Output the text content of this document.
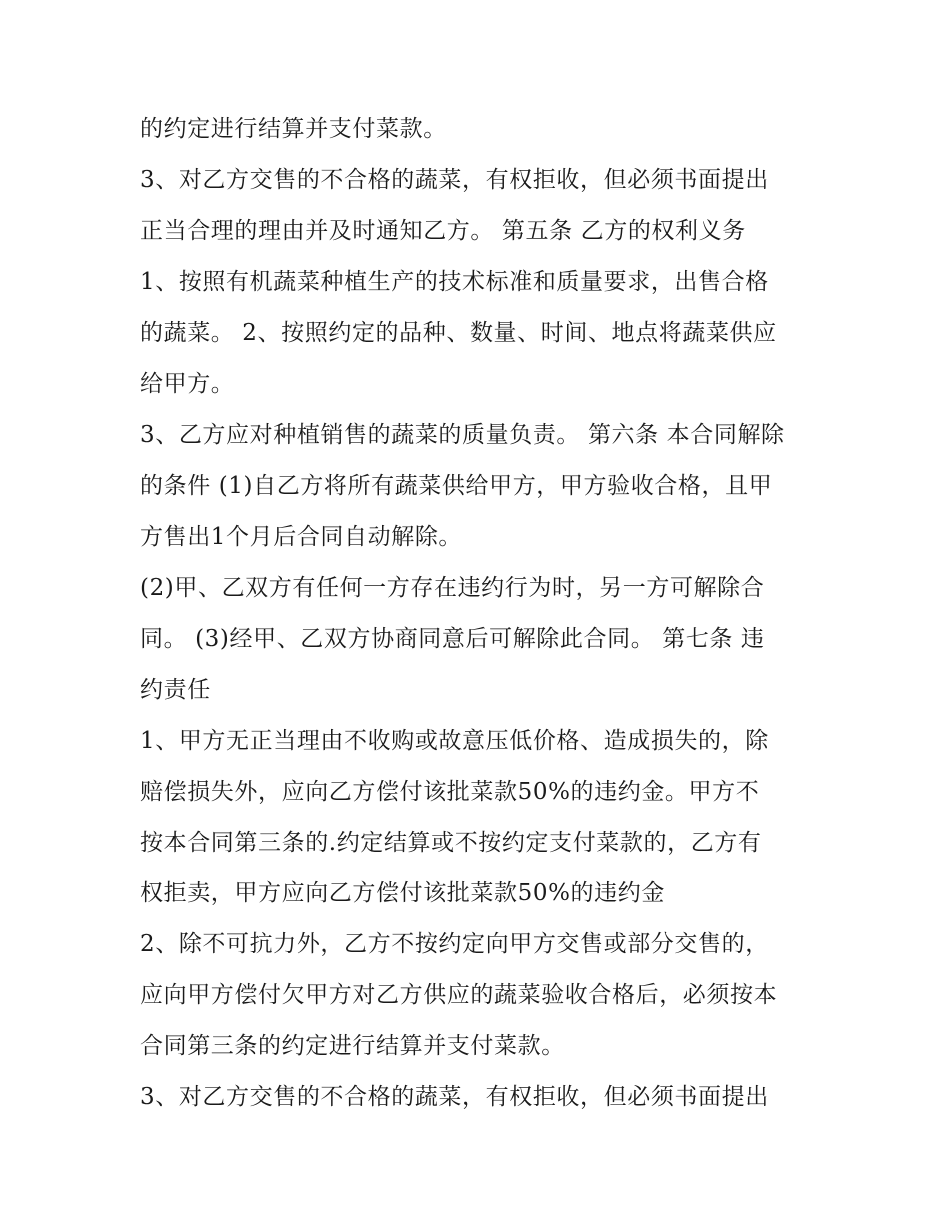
的约定进行结算并支付菜款。
3、对乙方交售的不合格的蔬菜，有权拒收，但必须书面提出
正当合理的理由并及时通知乙方。 第五条 乙方的权利义务
1、按照有机蔬菜种植生产的技术标准和质量要求，出售合格
的蔬菜。 2、按照约定的品种、数量、时间、地点将蔬菜供应
给甲方。
3、乙方应对种植销售的蔬菜的质量负责。 第六条 本合同解除
的条件 (1)自乙方将所有蔬菜供给甲方，甲方验收合格，且甲
方售出1个月后合同自动解除。
(2)甲、乙双方有任何一方存在违约行为时，另一方可解除合
同。 (3)经甲、乙双方协商同意后可解除此合同。 第七条 违
约责任
1、甲方无正当理由不收购或故意压低价格、造成损失的，除
赔偿损失外，应向乙方偿付该批菜款50%的违约金。甲方不
按本合同第三条的.约定结算或不按约定支付菜款的，乙方有
权拒卖，甲方应向乙方偿付该批菜款50%的违约金
2、除不可抗力外，乙方不按约定向甲方交售或部分交售的，
应向甲方偿付欠甲方对乙方供应的蔬菜验收合格后，必须按本
合同第三条的约定进行结算并支付菜款。
3、对乙方交售的不合格的蔬菜，有权拒收，但必须书面提出
